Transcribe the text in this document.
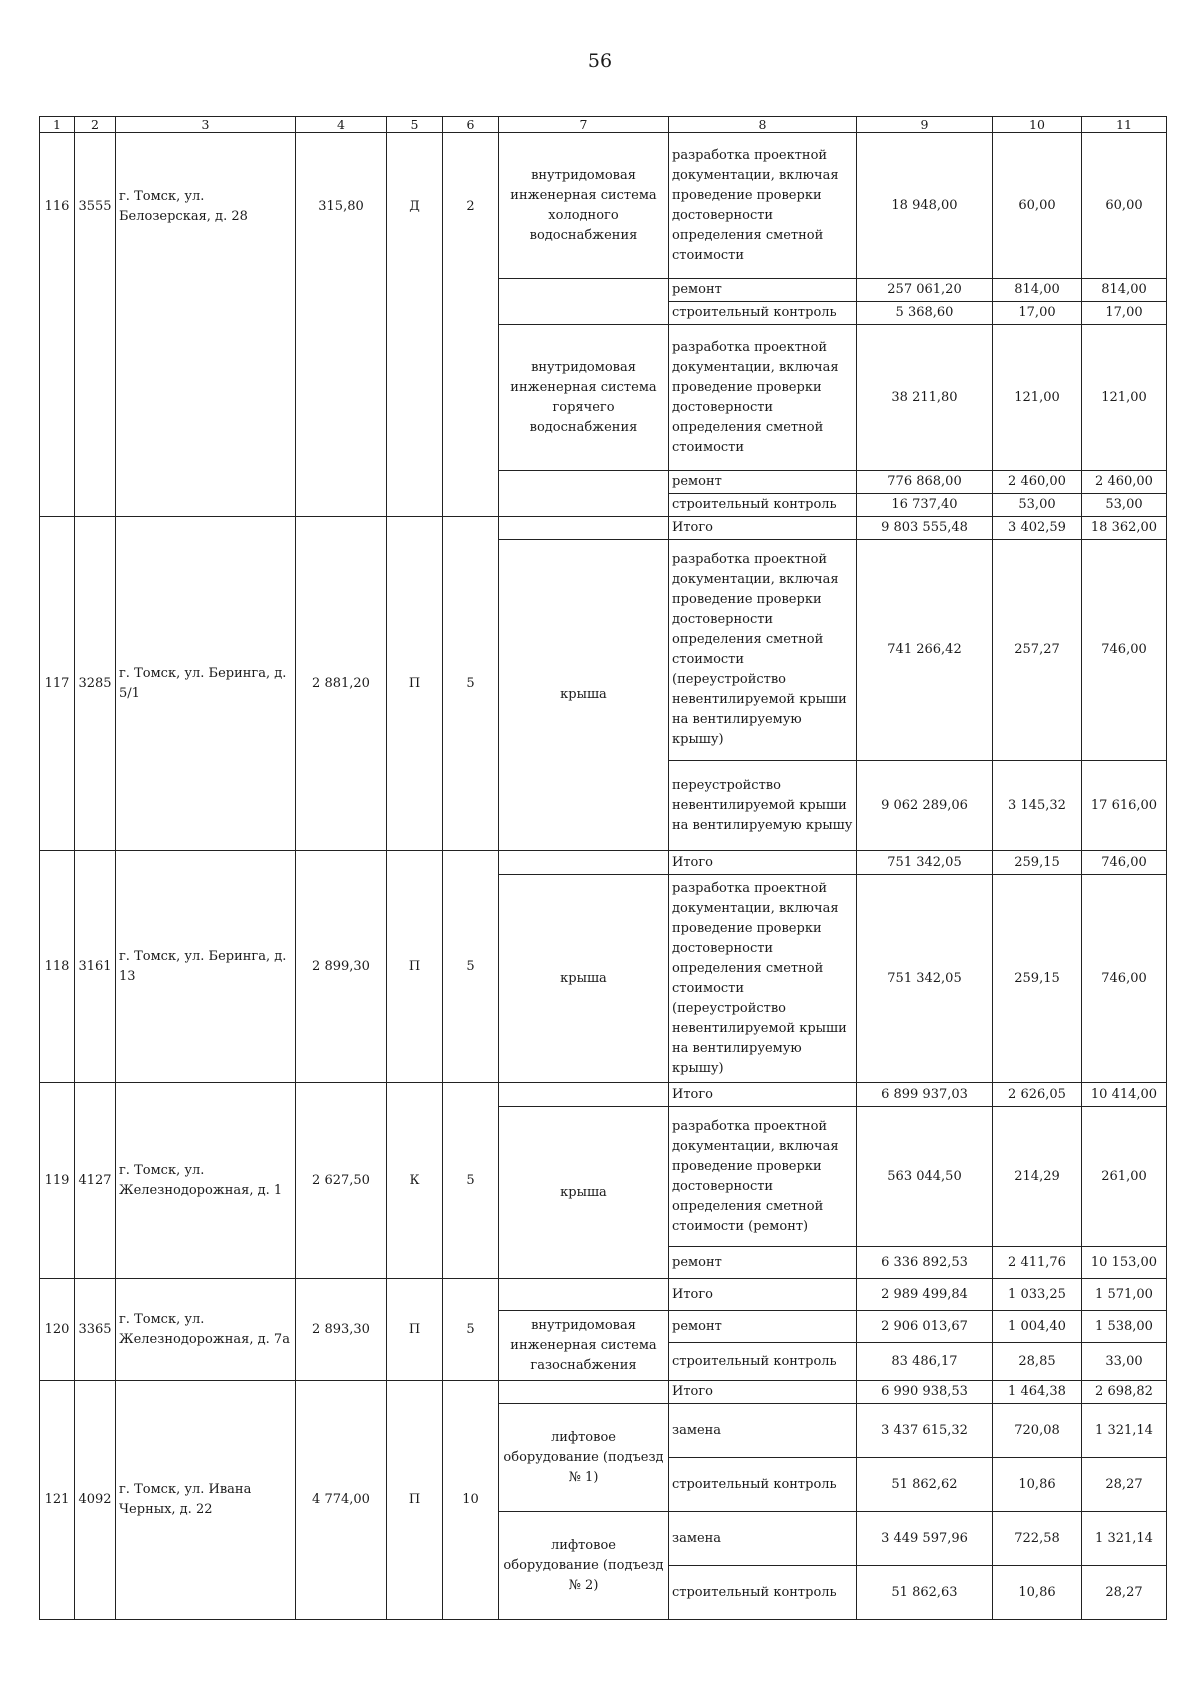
56
1	2	3	4	5	6	7	8	9	10	11
116	3555	г. Томск, ул. Белозерская, д. 28	315,80	Д	2	внутридомовая инженерная система холодного водоснабжения	разработка проектной документации, включая проведение проверки достоверности определения сметной стоимости	18 948,00	60,00	60,00
							ремонт	257 061,20	814,00	814,00
							строительный контроль	5 368,60	17,00	17,00
						внутридомовая инженерная система горячего водоснабжения	разработка проектной документации, включая проведение проверки достоверности определения сметной стоимости	38 211,80	121,00	121,00
							ремонт	776 868,00	2 460,00	2 460,00
							строительный контроль	16 737,40	53,00	53,00
117	3285	г. Томск, ул. Беринга, д. 5/1	2 881,20	П	5		Итого	9 803 555,48	3 402,59	18 362,00
						крыша	разработка проектной документации, включая проведение проверки достоверности определения сметной стоимости (переустройство невентилируемой крыши на вентилируемую крышу)	741 266,42	257,27	746,00
							переустройство невентилируемой крыши на вентилируемую крышу	9 062 289,06	3 145,32	17 616,00
118	3161	г. Томск, ул. Беринга, д. 13	2 899,30	П	5		Итого	751 342,05	259,15	746,00
						крыша	разработка проектной документации, включая проведение проверки достоверности определения сметной стоимости (переустройство невентилируемой крыши на вентилируемую крышу)	751 342,05	259,15	746,00
119	4127	г. Томск, ул. Железнодорожная, д. 1	2 627,50	К	5		Итого	6 899 937,03	2 626,05	10 414,00
						крыша	разработка проектной документации, включая проведение проверки достоверности определения сметной стоимости (ремонт)	563 044,50	214,29	261,00
							ремонт	6 336 892,53	2 411,76	10 153,00
120	3365	г. Томск, ул. Железнодорожная, д. 7а	2 893,30	П	5		Итого	2 989 499,84	1 033,25	1 571,00
						внутридомовая инженерная система газоснабжения	ремонт	2 906 013,67	1 004,40	1 538,00
							строительный контроль	83 486,17	28,85	33,00
121	4092	г. Томск, ул. Ивана Черных, д. 22	4 774,00	П	10		Итого	6 990 938,53	1 464,38	2 698,82
						лифтовое оборудование (подъезд № 1)	замена	3 437 615,32	720,08	1 321,14
							строительный контроль	51 862,62	10,86	28,27
						лифтовое оборудование (подъезд № 2)	замена	3 449 597,96	722,58	1 321,14
							строительный контроль	51 862,63	10,86	28,27
